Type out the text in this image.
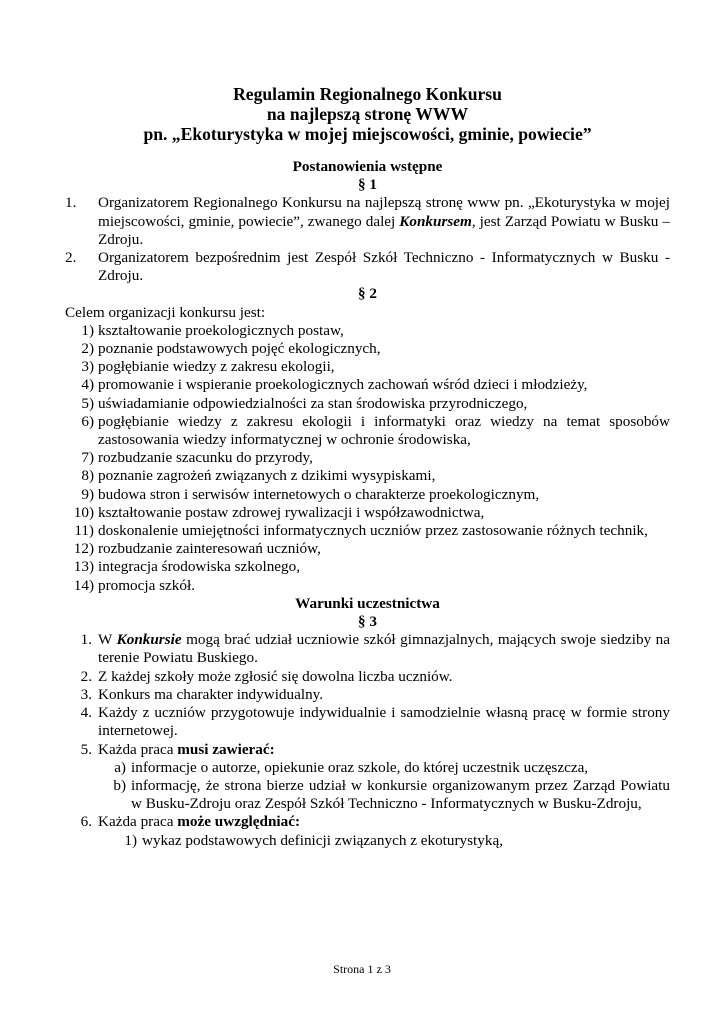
Regulamin Regionalnego Konkursu
na najlepszą stronę WWW
pn. „Ekoturystyka w mojej miejscowości, gminie, powiecie”
Postanowienia wstępne
§ 1
1.	Organizatorem Regionalnego Konkursu na najlepszą stronę www pn. „Ekoturystyka w mojej miejscowości, gminie, powiecie”, zwanego dalej Konkursem, jest Zarząd Powiatu w Busku – Zdroju.
2.	Organizatorem bezpośrednim jest Zespół Szkół Techniczno - Informatycznych w Busku - Zdroju.
§ 2
Celem organizacji konkursu jest:
1) kształtowanie proekologicznych postaw,
2) poznanie podstawowych pojęć ekologicznych,
3) pogłębianie wiedzy z zakresu ekologii,
4) promowanie i wspieranie proekologicznych zachowań wśród dzieci i młodzieży,
5) uświadamianie odpowiedzialności za stan środowiska przyrodniczego,
6) pogłębianie wiedzy z zakresu ekologii i informatyki oraz wiedzy na temat sposobów zastosowania wiedzy informatycznej w ochronie środowiska,
7) rozbudzanie szacunku do przyrody,
8) poznanie zagrożeń związanych z dzikimi wysypiskami,
9) budowa stron i serwisów internetowych o charakterze proekologicznym,
10) kształtowanie postaw zdrowej rywalizacji i współzawodnictwa,
11) doskonalenie umiejętności informatycznych uczniów przez zastosowanie różnych technik,
12) rozbudzanie zainteresowań uczniów,
13) integracja środowiska szkolnego,
14) promocja szkół.
Warunki uczestnictwa
§ 3
1. W Konkursie mogą brać udział uczniowie szkół gimnazjalnych, mających swoje siedziby na terenie Powiatu Buskiego.
2. Z każdej szkoły może zgłosić się dowolna liczba uczniów.
3. Konkurs ma charakter indywidualny.
4. Każdy z uczniów przygotowuje indywidualnie i samodzielnie własną pracę w formie strony internetowej.
5. Każda praca musi zawierać:
a) informacje o autorze, opiekunie oraz szkole, do której uczestnik uczęszcza,
b) informację, że strona bierze udział w konkursie organizowanym przez Zarząd Powiatu w Busku-Zdroju oraz Zespół Szkół Techniczno - Informatycznych w Busku-Zdroju,
6. Każda praca może uwzględniać:
1) wykaz podstawowych definicji związanych z ekoturystyką,
Strona 1 z 3
